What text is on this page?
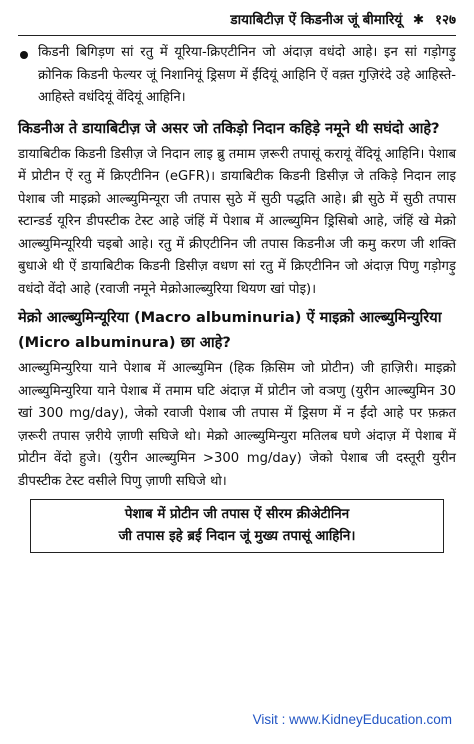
डायाबिटीज़ ऐं किडनीअ जूं बीमारियूं ✱ १२७

किडनी बिगिड़ण सां रतु में यूरिया-क्रिएटीनिन जो अंदाज़ वधंदो आहे। इन सां गड़ोगड़ु क्रोनिक किडनी फेल्यर जूं निशानियूं ड्रिसण में ईंदियूं आहिनि ऐं वक़्त गुज़िरंदे उहे आहिस्ते-आहिस्ते वधंदियूं वेंदियूं आहिनि।

किडनीअ ते डायाबिटीज़ जे असर जो तकिड़ो निदान कहिड़े नमूने थी सघंदो आहे?

डायाबिटीक किडनी डिसीज़ जे निदान लाइ ब्रु तमाम ज़रूरी तपासूं करायूं वेंदियूं आहिनि। पेशाब में प्रोटीन ऐं रतु में क्रिएटीनिन (eGFR)। डायाबिटीक किडनी डिसीज़ जे तकिड़े निदान लाइ पेशाब जी माइक्रो आल्ब्युमिन्यूरा जी तपास सुठे में सुठी पद्धति आहे। ब्री सुठे में सुठी तपास स्टान्डर्ड यूरिन डीपस्टीक टेस्ट आहे जंहिं में पेशाब में आल्ब्युमिन ड्रिसिबो आहे, जंहिं खे मेक्रो आल्ब्युमिन्यूरियी चइबो आहे। रतु में क्रीएटीनिन जी तपास किडनीअ जी कमु करण जी शक्ति बुधाअे थी ऐं डायाबिटीक किडनी डिसीज़ वधण सां रतु में क्रिएटीनिन जो अंदाज़ पिणु गड़ोगड़ु वधंदो वेंदो आहे (रवाजी नमूने मेक्रोआल्ब्युरिया थियण खां पोइ)।

मेक्रो आल्ब्युमिन्यूरिया (Macro albuminuria) ऐं माइक्रो आल्ब्युमिन्युरिया (Micro albuminura) छा आहे?

आल्ब्युमिन्युरिया याने पेशाब में आल्ब्युमिन (हिक क़िसिम जो प्रोटीन) जी हाज़िरी। माइक्रो आल्ब्युमिन्युरिया याने पेशाब में तमाम घटि अंदाज़ में प्रोटीन जो वञणु (युरीन आल्ब्युमिन 30 खां 300 mg/day), जेको रवाजी पेशाब जी तपास में ड्रिसण में न ईंदो आहे पर फ़क़त ज़रूरी तपास ज़रीये ज़ाणी सघिजे थो। मेक्रो आल्ब्युमिन्युरा मतिलब घणे अंदाज़ में पेशाब में प्रोटीन वेंदो हुजे। (युरीन आल्ब्युमिन >300 mg/day) जेको पेशाब जी दस्तूरी युरीन डीपस्टीक टेस्ट वसीले पिणु ज़ाणी सघिजे थो।

पेशाब में प्रोटीन जी तपास ऐं सीरम क्रीअेटीनिन
जी तपास इहे ब्रई निदान जूं मुख्य तपासूं आहिनि।
Visit : www.KidneyEducation.com
